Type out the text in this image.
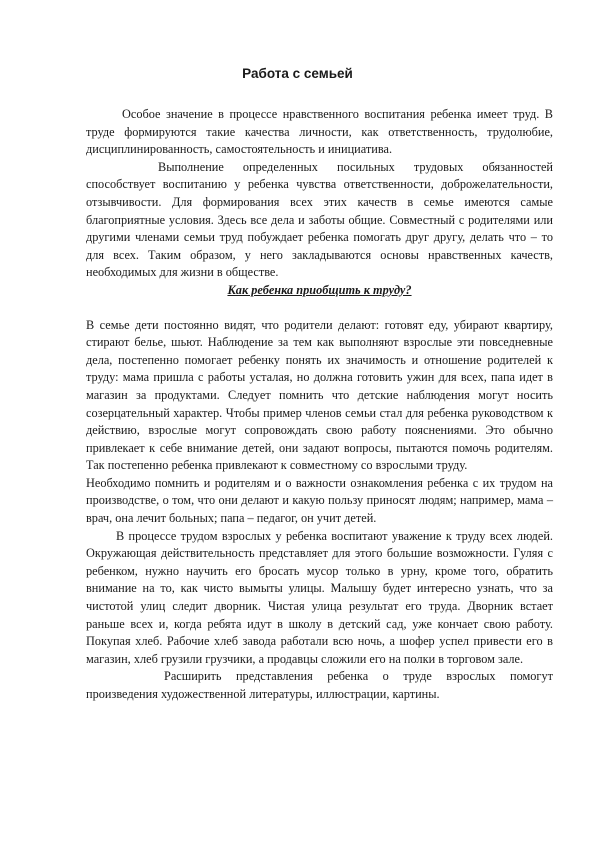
Работа с семьей

Особое значение в процессе нравственного воспитания ребенка имеет труд. В труде формируются такие качества личности, как ответственность, трудолюбие, дисциплинированность, самостоятельность и инициатива.

Выполнение определенных посильных трудовых обязанностей способствует воспитанию у ребенка чувства ответственности, доброжелательности, отзывчивости. Для формирования всех этих качеств в семье имеются самые благоприятные условия. Здесь все дела и заботы общие. Совместный с родителями или другими членами семьи труд побуждает ребенка помогать друг другу, делать что – то для всех. Таким образом, у него закладываются основы нравственных качеств, необходимых для жизни в обществе.

Как ребенка приобщить к труду?

В семье дети постоянно видят, что родители делают: готовят еду, убирают квартиру, стирают белье, шьют. Наблюдение за тем как выполняют взрослые эти повседневные дела, постепенно помогает ребенку понять их значимость и отношение родителей к труду: мама пришла с работы усталая, но должна готовить ужин для всех, папа идет в магазин за продуктами. Следует помнить что детские наблюдения могут носить созерцательный характер. Чтобы пример членов семьи стал для ребенка руководством к действию, взрослые могут сопровождать свою работу пояснениями. Это обычно привлекает к себе внимание детей, они задают вопросы, пытаются помочь родителям. Так постепенно ребенка привлекают к совместному со взрослыми труду.

Необходимо помнить и родителям и о важности ознакомления ребенка с их трудом на производстве, о том, что они делают и какую пользу приносят людям; например, мама – врач, она лечит больных; папа – педагог, он учит детей.

В процессе трудом взрослых у ребенка воспитают уважение к труду всех людей. Окружающая действительность представляет для этого большие возможности. Гуляя с ребенком, нужно научить его бросать мусор только в урну, кроме того, обратить внимание на то, как чисто вымыты улицы. Малышу будет интересно узнать, что за чистотой улиц следит дворник. Чистая улица результат его труда. Дворник встает раньше всех и, когда ребята идут в школу в детский сад, уже кончает свою работу. Покупая хлеб. Рабочие хлеб завода работали всю ночь, а шофер успел привести его в магазин, хлеб грузили грузчики, а продавцы сложили его на полки в торговом зале.

Расширить представления ребенка о труде взрослых помогут произведения художественной литературы, иллюстрации, картины.
